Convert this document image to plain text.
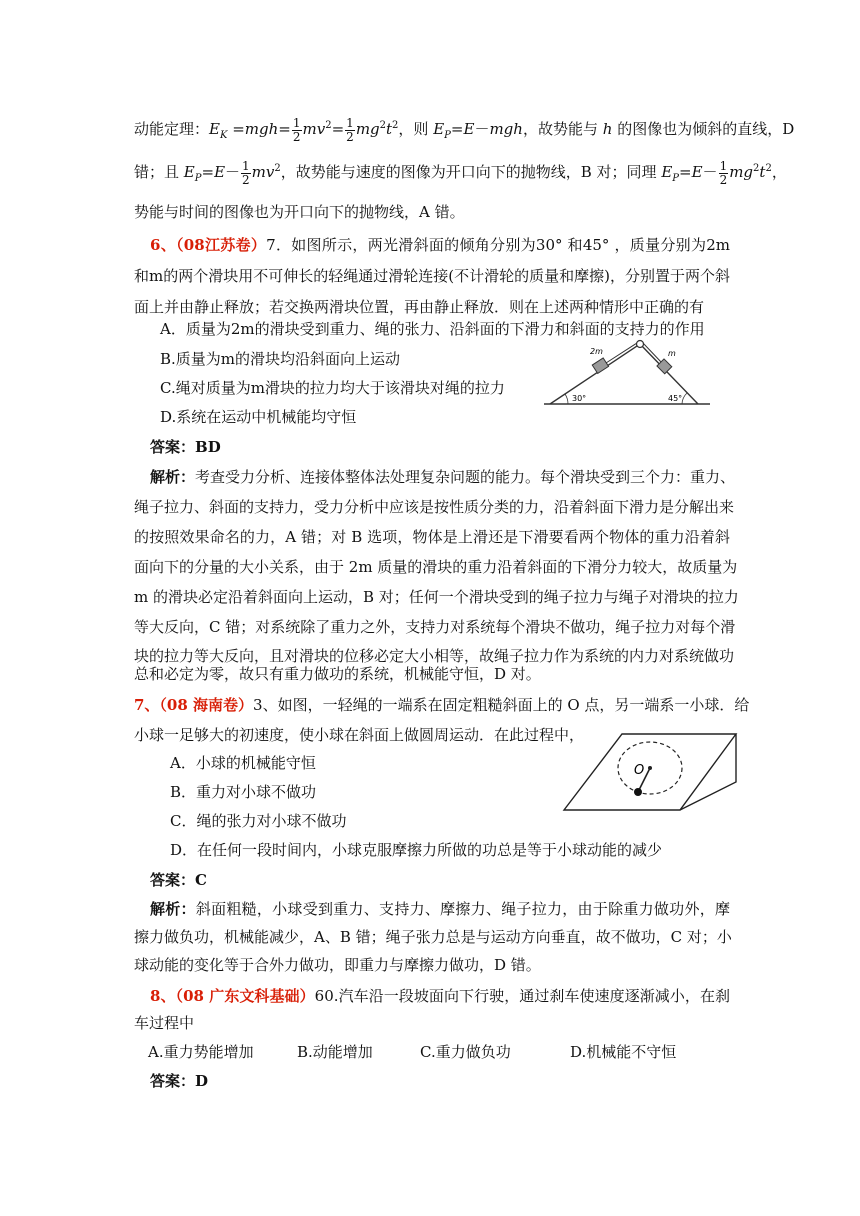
动能定理：$E_K =mgh= \frac{1}{2} mv^2= \frac{1}{2} mg^2t^2$，则 $E_P=E-mgh$，故势能与 h 的图像也为倾斜的直线，D
错；且 $E_P=E- \frac{1}{2} mv^2$，故势能与速度的图像为开口向下的抛物线，B 对；同理 $E_P=E- \frac{1}{2} mg^2t^2$，
势能与时间的图像也为开口向下的抛物线，A 错。
6、（08江苏卷）7．如图所示，两光滑斜面的倾角分别为30° 和45° ，质量分别为2m
和m的两个滑块用不可伸长的轻绳通过滑轮连接(不计滑轮的质量和摩擦)，分别置于两个斜
面上并由静止释放；若交换两滑块位置，再由静止释放．则在上述两种情形中正确的有
A．质量为2m的滑块受到重力、绳的张力、沿斜面的下滑力和斜面的支持力的作用
B.质量为m的滑块均沿斜面向上运动
C.绳对质量为m滑块的拉力均大于该滑块对绳的拉力
D.系统在运动中机械能均守恒
2m	m
30°	45°
答案：BD
解析：考查受力分析、连接体整体法处理复杂问题的能力。每个滑块受到三个力：重力、
绳子拉力、斜面的支持力，受力分析中应该是按性质分类的力，沿着斜面下滑力是分解出来
的按照效果命名的力，A 错；对 B 选项，物体是上滑还是下滑要看两个物体的重力沿着斜
面向下的分量的大小关系，由于 2m 质量的滑块的重力沿着斜面的下滑分力较大，故质量为
m 的滑块必定沿着斜面向上运动，B 对；任何一个滑块受到的绳子拉力与绳子对滑块的拉力
等大反向，C 错；对系统除了重力之外，支持力对系统每个滑块不做功，绳子拉力对每个滑
块的拉力等大反向，且对滑块的位移必定大小相等，故绳子拉力作为系统的内力对系统做功
总和必定为零，故只有重力做功的系统，机械能守恒，D 对。
7、（08 海南卷）3、如图，一轻绳的一端系在固定粗糙斜面上的 O 点，另一端系一小球．给
小球一足够大的初速度，使小球在斜面上做圆周运动．在此过程中，
A．小球的机械能守恒
B．重力对小球不做功
C．绳的张力对小球不做功
D．在任何一段时间内，小球克服摩擦力所做的功总是等于小球动能的减少
O
答案：C
解析：斜面粗糙，小球受到重力、支持力、摩擦力、绳子拉力，由于除重力做功外，摩
擦力做负功，机械能减少，A、B 错；绳子张力总是与运动方向垂直，故不做功，C 对；小
球动能的变化等于合外力做功，即重力与摩擦力做功，D 错。
8、（08 广东文科基础）60.汽车沿一段坡面向下行驶，通过刹车使速度逐渐减小，在刹
车过程中
A.重力势能增加	B.动能增加	C.重力做负功	D.机械能不守恒
答案：D
